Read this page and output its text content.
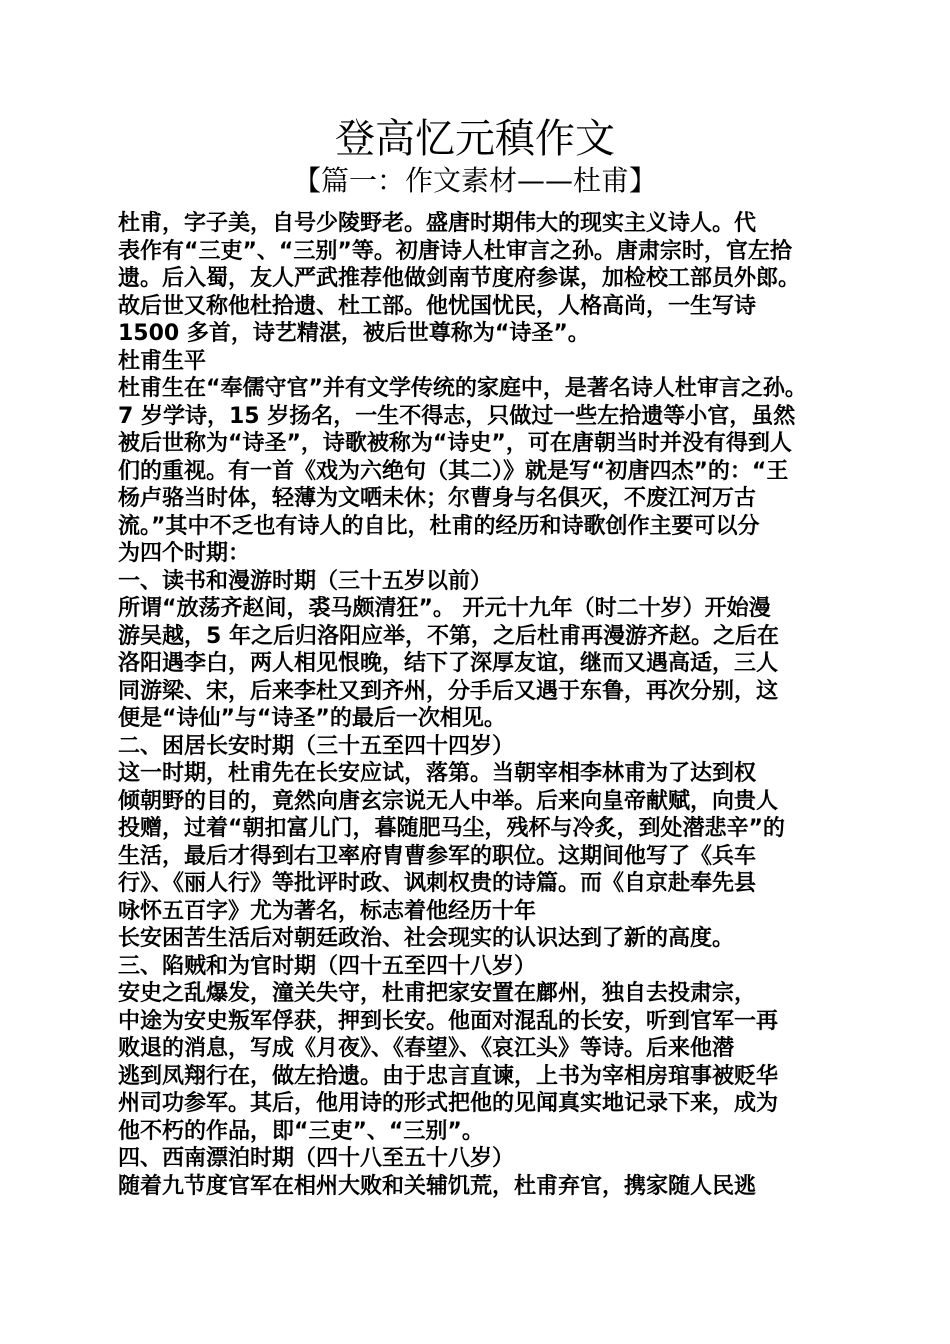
登高忆元稹作文
【篇一：作文素材——杜甫】
杜甫，字子美，自号少陵野老。盛唐时期伟大的现实主义诗人。代
表作有“三吏”、“三别”等。初唐诗人杜审言之孙。唐肃宗时，官左拾
遗。后入蜀，友人严武推荐他做剑南节度府参谋，加检校工部员外郎。
故后世又称他杜拾遗、杜工部。他忧国忧民，人格高尚，一生写诗
1500 多首，诗艺精湛，被后世尊称为“诗圣”。
杜甫生平
杜甫生在“奉儒守官”并有文学传统的家庭中，是著名诗人杜审言之孙。
7 岁学诗，15 岁扬名，一生不得志，只做过一些左拾遗等小官，虽然
被后世称为“诗圣”，诗歌被称为“诗史”，可在唐朝当时并没有得到人
们的重视。有一首《戏为六绝句（其二）》就是写“初唐四杰”的：“王
杨卢骆当时体，轻薄为文哂未休；尔曹身与名俱灭，不废江河万古
流。”其中不乏也有诗人的自比，杜甫的经历和诗歌创作主要可以分
为四个时期：
一、读书和漫游时期（三十五岁以前）
所谓“放荡齐赵间，裘马颇清狂”。 开元十九年（时二十岁）开始漫
游吴越，5 年之后归洛阳应举，不第，之后杜甫再漫游齐赵。之后在
洛阳遇李白，两人相见恨晚，结下了深厚友谊，继而又遇高适，三人
同游梁、宋，后来李杜又到齐州，分手后又遇于东鲁，再次分别，这
便是“诗仙”与“诗圣”的最后一次相见。
二、困居长安时期（三十五至四十四岁）
这一时期，杜甫先在长安应试，落第。当朝宰相李林甫为了达到权
倾朝野的目的，竟然向唐玄宗说无人中举。后来向皇帝献赋，向贵人
投赠，过着“朝扣富儿门，暮随肥马尘，残杯与冷炙，到处潜悲辛”的
生活，最后才得到右卫率府胄曹参军的职位。这期间他写了《兵车
行》、《丽人行》等批评时政、讽刺权贵的诗篇。而《自京赴奉先县
咏怀五百字》尤为著名，标志着他经历十年
长安困苦生活后对朝廷政治、社会现实的认识达到了新的高度。
三、陷贼和为官时期（四十五至四十八岁）
安史之乱爆发，潼关失守，杜甫把家安置在鄜州，独自去投肃宗，
中途为安史叛军俘获，押到长安。他面对混乱的长安，听到官军一再
败退的消息，写成《月夜》、《春望》、《哀江头》等诗。后来他潜
逃到凤翔行在，做左拾遗。由于忠言直谏，上书为宰相房琯事被贬华
州司功参军。其后，他用诗的形式把他的见闻真实地记录下来，成为
他不朽的作品，即“三吏”、“三别”。
四、西南漂泊时期（四十八至五十八岁）
随着九节度官军在相州大败和关辅饥荒，杜甫弃官，携家随人民逃
